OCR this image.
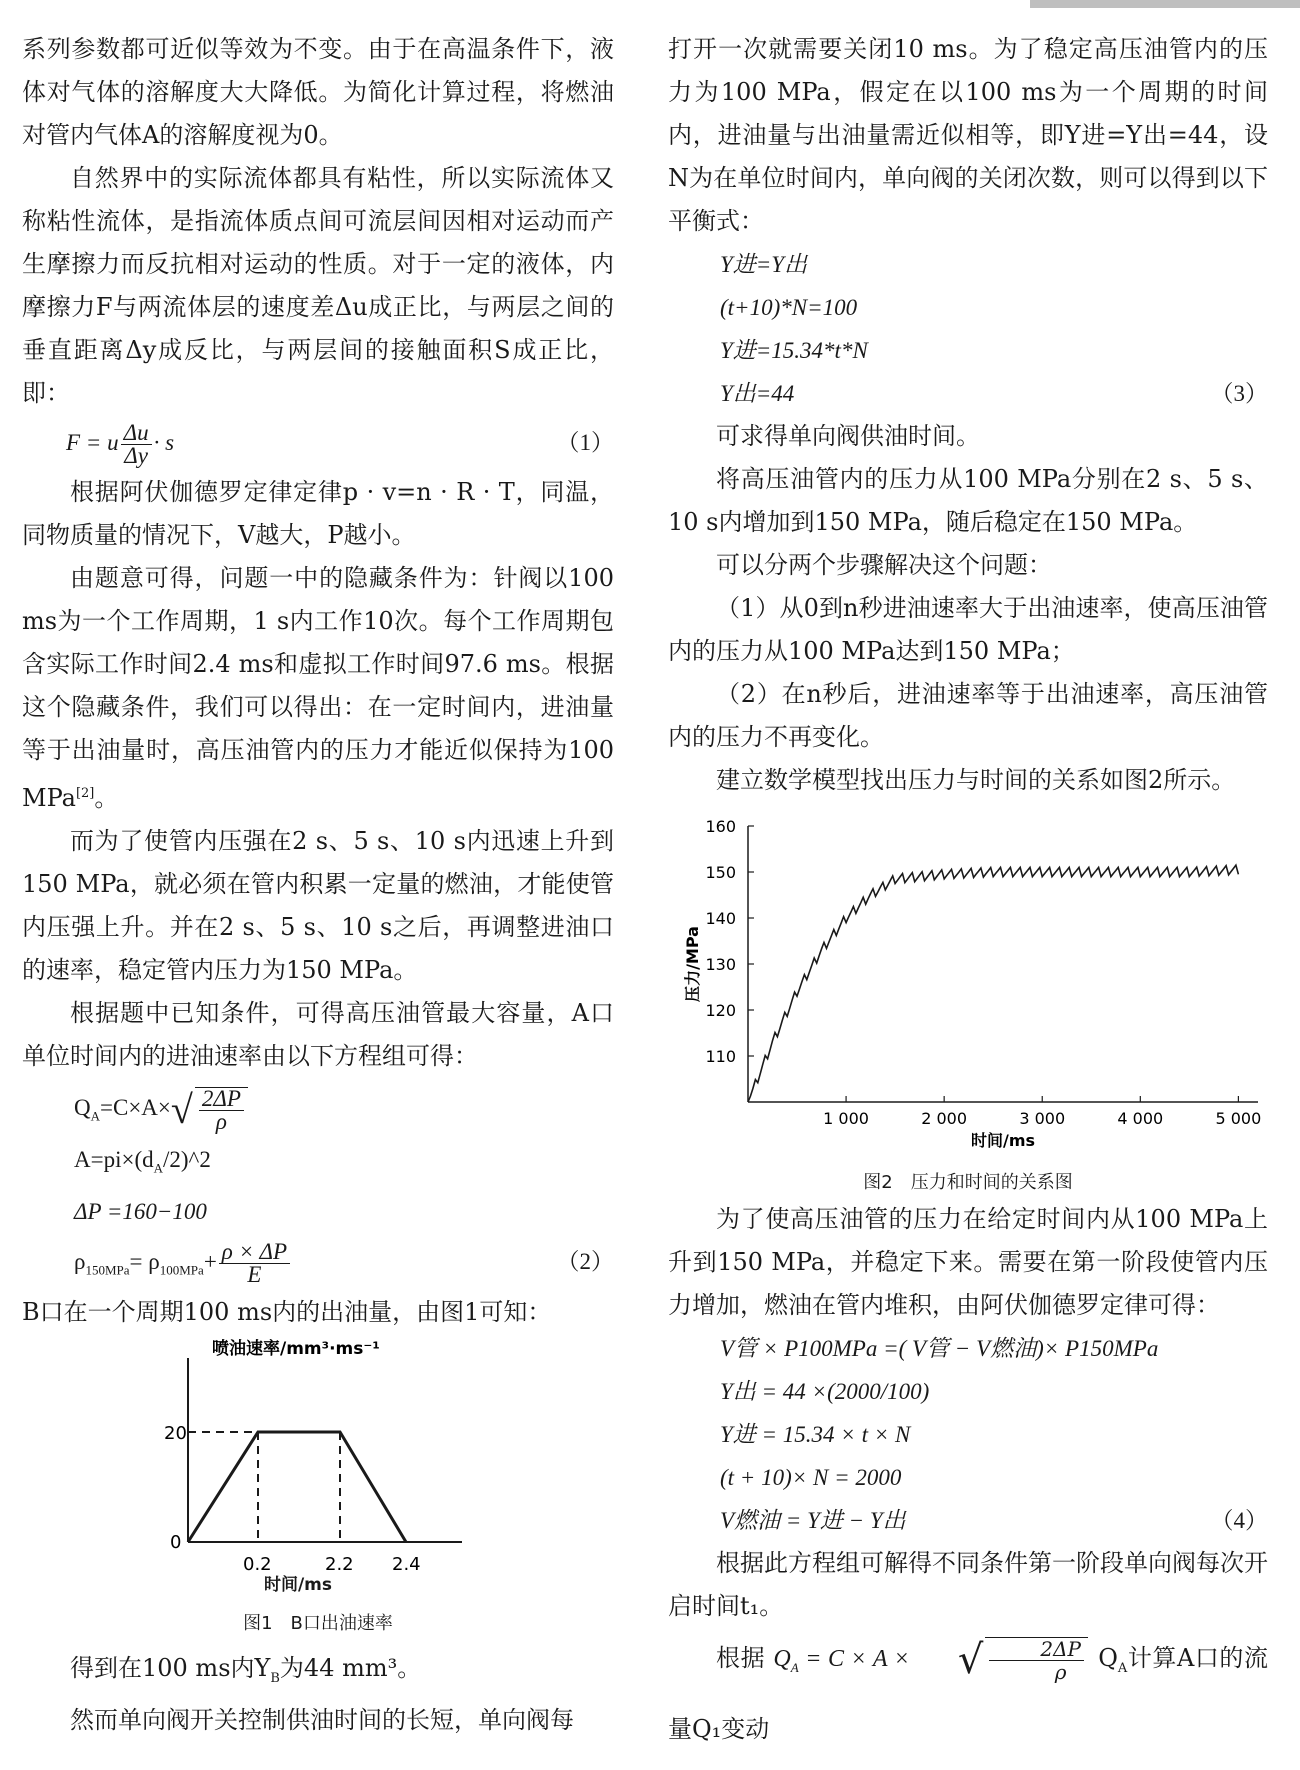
系列参数都可近似等效为不变。由于在高温条件下，液体对气体的溶解度大大降低。为简化计算过程，将燃油对管内气体A的溶解度视为0。

自然界中的实际流体都具有粘性，所以实际流体又称粘性流体，是指流体质点间可流层间因相对运动而产生摩擦力而反抗相对运动的性质。对于一定的液体，内摩擦力F与两流体层的速度差Δu成正比，与两层之间的垂直距离Δy成反比，与两层间的接触面积S成正比，即：

F = u $\frac{\Delta u}{\Delta y} \cdot s$	（1）

根据阿伏伽德罗定律定律p · v=n · R · T，同温，同物质量的情况下，V越大，P越小。

由题意可得，问题一中的隐藏条件为：针阀以100 ms为一个工作周期，1 s内工作10次。每个工作周期包含实际工作时间2.4 ms和虚拟工作时间97.6 ms。根据这个隐藏条件，我们可以得出：在一定时间内，进油量等于出油量时，高压油管内的压力才能近似保持为100 MPa[2]。

而为了使管内压强在2 s、5 s、10 s内迅速上升到150 MPa，就必须在管内积累一定量的燃油，才能使管内压强上升。并在2 s、5 s、10 s之后，再调整进油口的速率，稳定管内压力为150 MPa。

根据题中已知条件，可得高压油管最大容量，A口单位时间内的进油速率由以下方程组可得：

$Q_A=C\times A\times$ √ $\frac{2\Delta P}{\rho}$
$A=pi\times(d_A/2)\^{}2$
ΔP =160−100
$\rho_{150MPa}= \rho_{100MPa}+ \frac{\rho \times \Delta P}{E}$	（2）

B口在一个周期100 ms内的出油量，由图1可知：

喷油速率/mm³·ms⁻¹
20
0
0.2	2.2 2.4
时间/ms
图1　B口出油速率

得到在100 ms内$Y_B$为44 mm³。

然而单向阀开关控制供油时间的长短，单向阀每

打开一次就需要关闭10 ms。为了稳定高压油管内的压力为100 MPa，假定在以100 ms为一个周期的时间内，进油量与出油量需近似相等，即Y进=Y出=44，设N为在单位时间内，单向阀的关闭次数，则可以得到以下平衡式：

Y进=Y出
(t+10)*N=100
Y进=15.34*t*N
Y出=44	（3）

可求得单向阀供油时间。

将高压油管内的压力从100 MPa分别在2 s、5 s、10 s内增加到150 MPa，随后稳定在150 MPa。

可以分两个步骤解决这个问题：

（1）从0到n秒进油速率大于出油速率，使高压油管内的压力从100 MPa达到150 MPa；

（2）在n秒后，进油速率等于出油速率，高压油管内的压力不再变化。

建立数学模型找出压力与时间的关系如图2所示。

160
150
140
130
120
110
1 000	2 000	3 000	4 000	5 000
时间/ms
压力/MPa
图2　压力和时间的关系图

为了使高压油管的压力在给定时间内从100 MPa上升到150 MPa，并稳定下来。需要在第一阶段使管内压力增加，燃油在管内堆积，由阿伏伽德罗定律可得：

V管 × P100MPa =( V管 − V燃油)× P150MPa
Y出 = 44 ×(2000/100)
Y进 = 15.34 × t × N
(t + 10)× N = 2000
V燃油 = Y进 − Y出	（4）

根据此方程组可解得不同条件第一阶段单向阀每次开启时间t₁。

根据 $Q_A = C \times A$ ×	√ $\frac{2\Delta P}{\rho} Q_A$计算A口的流量Q₁变动
